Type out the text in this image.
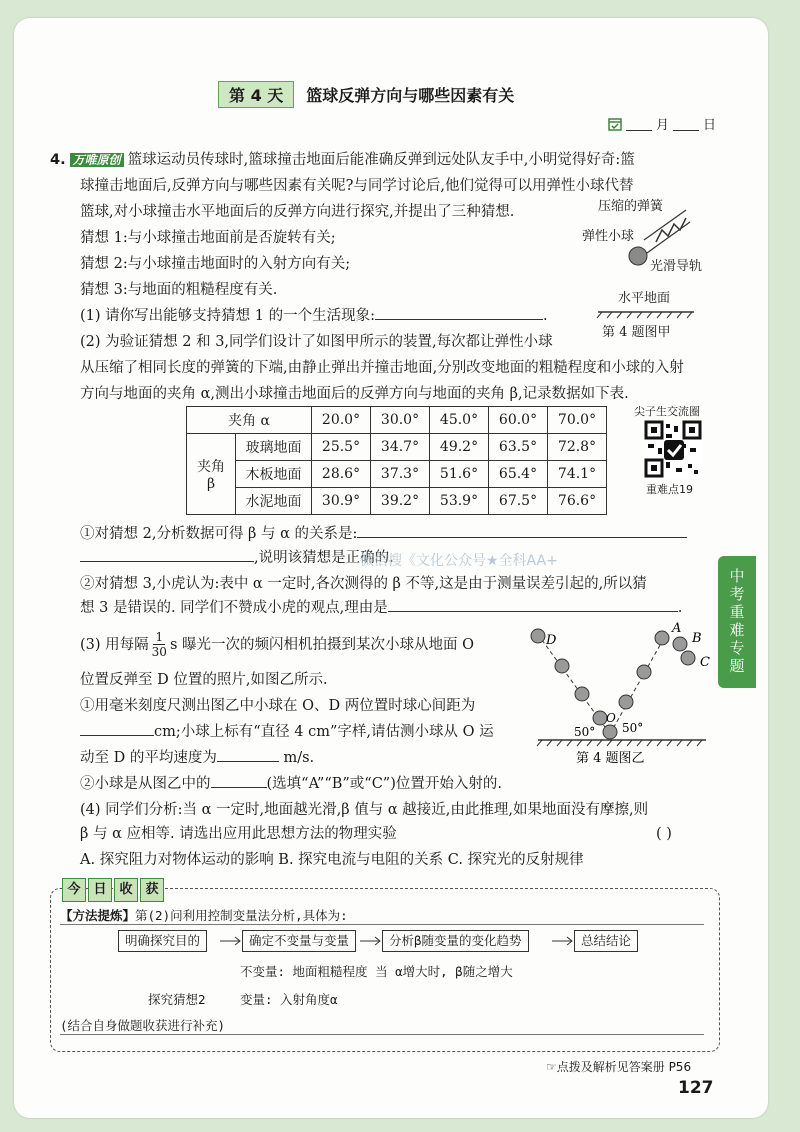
第 4 天	篮球反弹方向与哪些因素有关
月	日
4. 万唯原创 篮球运动员传球时,篮球撞击地面后能准确反弹到远处队友手中,小明觉得好奇:篮
球撞击地面后,反弹方向与哪些因素有关呢?与同学讨论后,他们觉得可以用弹性小球代替
篮球,对小球撞击水平地面后的反弹方向进行探究,并提出了三种猜想.
猜想 1:与小球撞击地面前是否旋转有关;
猜想 2:与小球撞击地面时的入射方向有关;
猜想 3:与地面的粗糙程度有关.
(1) 请你写出能够支持猜想 1 的一个生活现象:	.
(2) 为验证猜想 2 和 3,同学们设计了如图甲所示的装置,每次都让弹性小球
从压缩了相同长度的弹簧的下端,由静止弹出并撞击地面,分别改变地面的粗糙程度和小球的入射
方向与地面的夹角 α,测出小球撞击地面后的反弹方向与地面的夹角 β,记录数据如下表.
压缩的弹簧
弹性小球
光滑导轨
水平地面
第 4 题图甲
夹角 α		20.0°	30.0°	45.0°	60.0°	70.0°
夹角 β	玻璃地面	25.5°	34.7°	49.2°	63.5°	72.8°
	木板地面	28.6°	37.3°	51.6°	65.4°	74.1°
	水泥地面	30.9°	39.2°	53.9°	67.5°	76.6°
尖子生交流圈
重难点19
①对猜想 2,分析数据可得 β 与 α 的关系是:
,说明该猜想是正确的.
微信搜《文化公众号★全科AA+
②对猜想 3,小虎认为:表中 α 一定时,各次测得的 β 不等,这是由于测量误差引起的,所以猜
想 3 是错误的. 同学们不赞成小虎的观点,理由是	.	中考重难专题
(3) 用每隔 $\frac{1}{30}$ s 曝光一次的频闪相机拍摄到某次小球从地面 O
位置反弹至 D 位置的照片,如图乙所示.
①用毫米刻度尺测出图乙中小球在 O、D 两位置时球心间距为
cm;小球上标有“直径 4 cm”字样,请估测小球从 O 运
动至 D 的平均速度为	m/s.
②小球是从图乙中的	(选填“A”“B”或“C”)位置开始入射的.
D
A
B
C
O
50° 50°
第 4 题图乙
(4) 同学们分析:当 α 一定时,地面越光滑,β 值与 α 越接近,由此推理,如果地面没有摩擦,则
β 与 α 应相等. 请选出应用此思想方法的物理实验	( )
A. 探究阻力对物体运动的影响 B. 探究电流与电阻的关系 C. 探究光的反射规律
今 日 收 获
【方法提炼】第(2)问利用控制变量法分析,具体为:
明确探究目的	确定不变量与变量	分析β随变量的变化趋势	总结结论
不变量: 地面粗糙程度 当 α增大时, β随之增大
探究猜想2	变量: 入射角度α
(结合自身做题收获进行补充)
☞点拨及解析见答案册 P56
127
